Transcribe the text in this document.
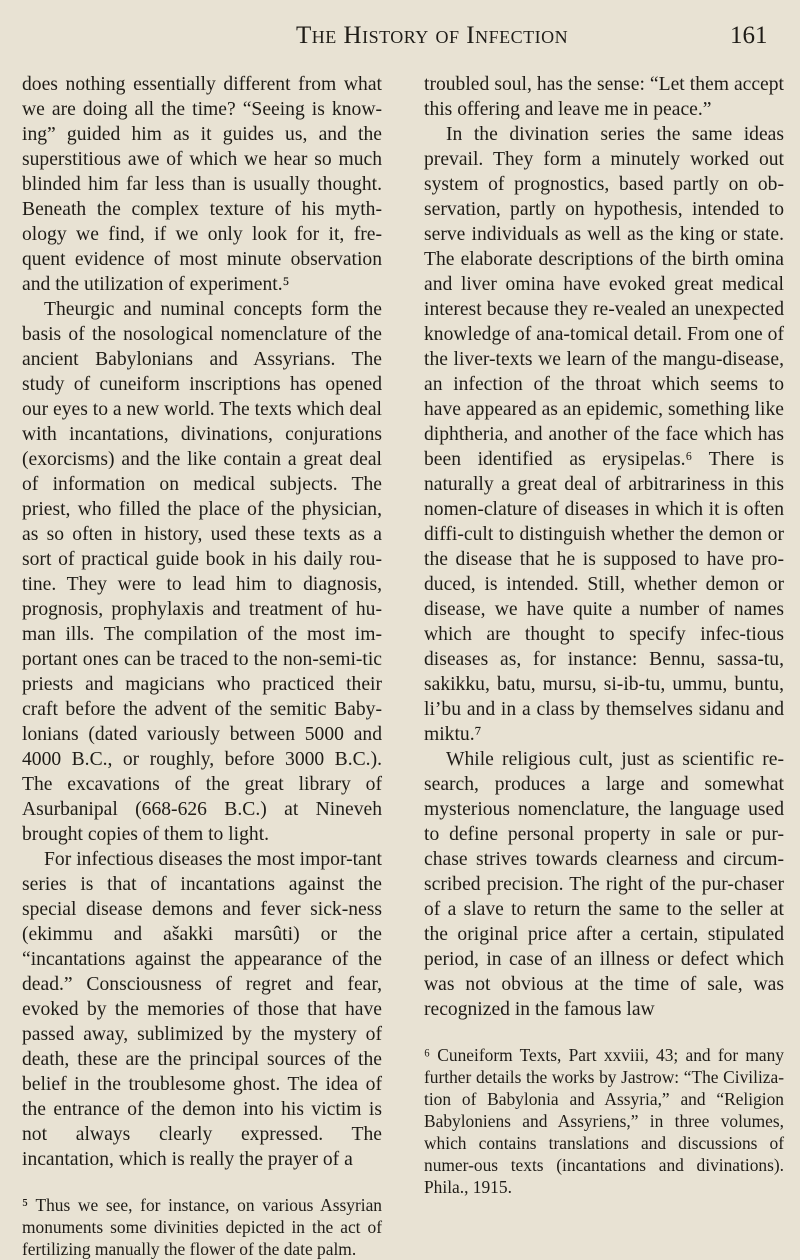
The History of Infection	161

does nothing essentially different from what we are doing all the time? “Seeing is know-ing” guided him as it guides us, and the superstitious awe of which we hear so much blinded him far less than is usually thought. Beneath the complex texture of his myth-ology we find, if we only look for it, fre-quent evidence of most minute observation and the utilization of experiment.⁵

Theurgic and numinal concepts form the basis of the nosological nomenclature of the ancient Babylonians and Assyrians. The study of cuneiform inscriptions has opened our eyes to a new world. The texts which deal with incantations, divinations, conjurations (exorcisms) and the like contain a great deal of information on medical subjects. The priest, who filled the place of the physician, as so often in history, used these texts as a sort of practical guide book in his daily rou-tine. They were to lead him to diagnosis, prognosis, prophylaxis and treatment of hu-man ills. The compilation of the most im-portant ones can be traced to the non-semi-tic priests and magicians who practiced their craft before the advent of the semitic Baby-lonians (dated variously between 5000 and 4000 B.C., or roughly, before 3000 B.C.). The excavations of the great library of Asurbanipal (668-626 B.C.) at Nineveh brought copies of them to light.

For infectious diseases the most impor-tant series is that of incantations against the special disease demons and fever sick-ness (ekimmu and ašakki marsûti) or the “incantations against the appearance of the dead.” Consciousness of regret and fear, evoked by the memories of those that have passed away, sublimized by the mystery of death, these are the principal sources of the belief in the troublesome ghost. The idea of the entrance of the demon into his victim is not always clearly expressed. The incantation, which is really the prayer of a

⁵ Thus we see, for instance, on various Assyrian monuments some divinities depicted in the act of fertilizing manually the flower of the date palm.

troubled soul, has the sense: “Let them accept this offering and leave me in peace.”

In the divination series the same ideas prevail. They form a minutely worked out system of prognostics, based partly on ob-servation, partly on hypothesis, intended to serve individuals as well as the king or state. The elaborate descriptions of the birth omina and liver omina have evoked great medical interest because they re-vealed an unexpected knowledge of ana-tomical detail. From one of the liver-texts we learn of the mangu-disease, an infection of the throat which seems to have appeared as an epidemic, something like diphtheria, and another of the face which has been identified as erysipelas.⁶ There is naturally a great deal of arbitrariness in this nomen-clature of diseases in which it is often diffi-cult to distinguish whether the demon or the disease that he is supposed to have pro-duced, is intended. Still, whether demon or disease, we have quite a number of names which are thought to specify infec-tious diseases as, for instance: Bennu, sassa-tu, sakikku, batu, mursu, si-ib-tu, ummu, buntu, li’bu and in a class by themselves sidanu and miktu.⁷

While religious cult, just as scientific re-search, produces a large and somewhat mysterious nomenclature, the language used to define personal property in sale or pur-chase strives towards clearness and circum-scribed precision. The right of the pur-chaser of a slave to return the same to the seller at the original price after a certain, stipulated period, in case of an illness or defect which was not obvious at the time of sale, was recognized in the famous law

⁶ Cuneiform Texts, Part xxviii, 43; and for many further details the works by Jastrow: “The Civiliza-tion of Babylonia and Assyria,” and “Religion Babyloniens and Assyriens,” in three volumes, which contains translations and discussions of numer-ous texts (incantations and divinations). Phila., 1915.
